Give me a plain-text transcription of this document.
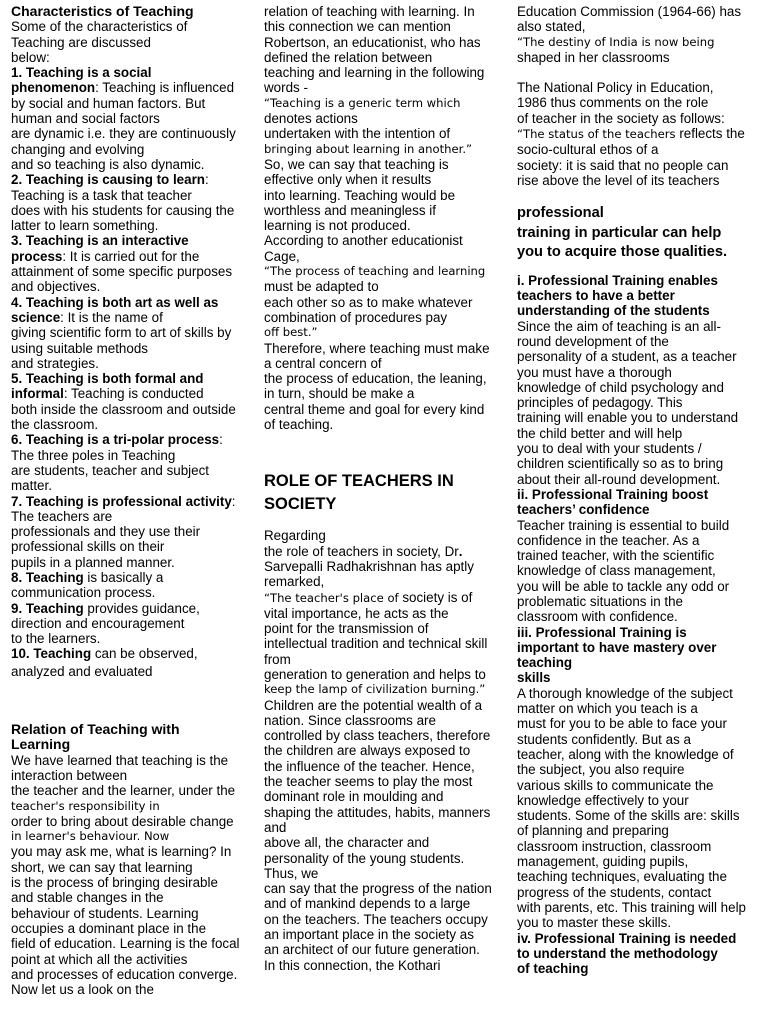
Characteristics of Teaching
Some of the characteristics of
Teaching are discussed
below:
1. Teaching is a social
phenomenon: Teaching is influenced
by social and human factors. But
human and social factors
are dynamic i.e. they are continuously
changing and evolving
and so teaching is also dynamic.
2. Teaching is causing to learn:
Teaching is a task that teacher
does with his students for causing the
latter to learn something.
3. Teaching is an interactive
process: It is carried out for the
attainment of some specific purposes
and objectives.
4. Teaching is both art as well as
science: It is the name of
giving scientific form to art of skills by
using suitable methods
and strategies.
5. Teaching is both formal and
informal: Teaching is conducted
both inside the classroom and outside
the classroom.
6. Teaching is a tri-polar process:
The three poles in Teaching
are students, teacher and subject
matter.
7. Teaching is professional activity:
The teachers are
professionals and they use their
professional skills on their
pupils in a planned manner.
8. Teaching is basically a
communication process.
9. Teaching provides guidance,
direction and encouragement
to the learners.
10. Teaching can be observed,
analyzed and evaluated
Relation of Teaching with
Learning
We have learned that teaching is the
interaction between
the teacher and the learner, under the
teacher's responsibility in
order to bring about desirable change
in learner's behaviour. Now
you may ask me, what is learning? In
short, we can say that learning
is the process of bringing desirable
and stable changes in the
behaviour of students. Learning
occupies a dominant place in the
field of education. Learning is the focal
point at which all the activities
and processes of education converge.
Now let us a look on the
relation of teaching with learning. In
this connection we can mention
Robertson, an educationist, who has
defined the relation between
teaching and learning in the following
words -
“Teaching is a generic term which
denotes actions
undertaken with the intention of
bringing about learning in another.”
So, we can say that teaching is
effective only when it results
into learning. Teaching would be
worthless and meaningless if
learning is not produced.
According to another educationist
Cage,
“The process of teaching and learning
must be adapted to
each other so as to make whatever
combination of procedures pay
off best.”
Therefore, where teaching must make
a central concern of
the process of education, the leaning,
in turn, should be make a
central theme and goal for every kind
of teaching.
ROLE OF TEACHERS IN
SOCIETY
Regarding
the role of teachers in society, Dr.
Sarvepalli Radhakrishnan has aptly
remarked,
“The teacher's place of society is of
vital importance, he acts as the
point for the transmission of
intellectual tradition and technical skill
from
generation to generation and helps to
keep the lamp of civilization burning.”
Children are the potential wealth of a
nation. Since classrooms are
controlled by class teachers, therefore
the children are always exposed to
the influence of the teacher. Hence,
the teacher seems to play the most
dominant role in moulding and
shaping the attitudes, habits, manners
and
above all, the character and
personality of the young students.
Thus, we
can say that the progress of the nation
and of mankind depends to a large
on the teachers. The teachers occupy
an important place in the society as
an architect of our future generation.
In this connection, the Kothari
Education Commission (1964-66) has
also stated,
“The destiny of India is now being
shaped in her classrooms
The National Policy in Education,
1986 thus comments on the role
of teacher in the society as follows:
“The status of the teachers reflects the
socio-cultural ethos of a
society: it is said that no people can
rise above the level of its teachers
professional
training in particular can help
you to acquire those qualities.
i. Professional Training enables
teachers to have a better
understanding of the students
Since the aim of teaching is an all-
round development of the
personality of a student, as a teacher
you must have a thorough
knowledge of child psychology and
principles of pedagogy. This
training will enable you to understand
the child better and will help
you to deal with your students /
children scientifically so as to bring
about their all-round development.
ii. Professional Training boost
teachers’ confidence
Teacher training is essential to build
confidence in the teacher. As a
trained teacher, with the scientific
knowledge of class management,
you will be able to tackle any odd or
problematic situations in the
classroom with confidence.
iii. Professional Training is
important to have mastery over
teaching
skills
A thorough knowledge of the subject
matter on which you teach is a
must for you to be able to face your
students confidently. But as a
teacher, along with the knowledge of
the subject, you also require
various skills to communicate the
knowledge effectively to your
students. Some of the skills are: skills
of planning and preparing
classroom instruction, classroom
management, guiding pupils,
teaching techniques, evaluating the
progress of the students, contact
with parents, etc. This training will help
you to master these skills.
iv. Professional Training is needed
to understand the methodology
of teaching
